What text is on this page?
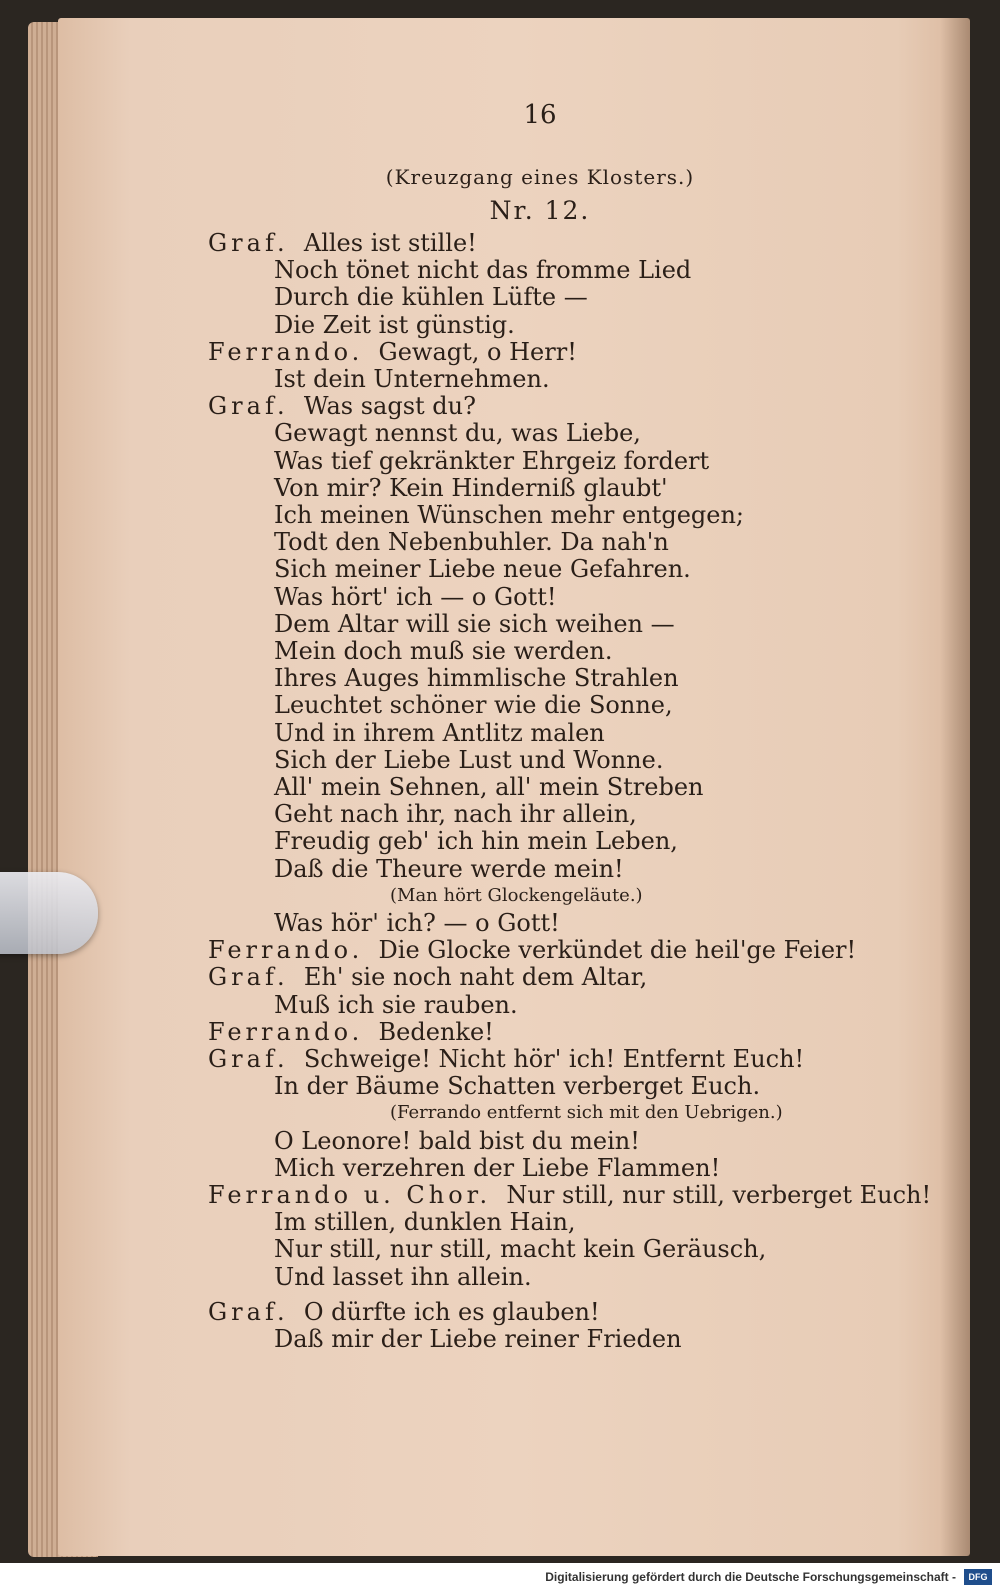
16
(Kreuzgang eines Klosters.)
Nr. 12.
Graf.  Alles ist stille!
Noch tönet nicht das fromme Lied
Durch die kühlen Lüfte —
Die Zeit ist günstig.
Ferrando.  Gewagt, o Herr!
Ist dein Unternehmen.
Graf.  Was sagst du?
Gewagt nennst du, was Liebe,
Was tief gekränkter Ehrgeiz fordert
Von mir? Kein Hinderniß glaubt'
Ich meinen Wünschen mehr entgegen;
Todt den Nebenbuhler. Da nah'n
Sich meiner Liebe neue Gefahren.
Was hört' ich — o Gott!
Dem Altar will sie sich weihen —
Mein doch muß sie werden.
Ihres Auges himmlische Strahlen
Leuchtet schöner wie die Sonne,
Und in ihrem Antlitz malen
Sich der Liebe Lust und Wonne.
All' mein Sehnen, all' mein Streben
Geht nach ihr, nach ihr allein,
Freudig geb' ich hin mein Leben,
Daß die Theure werde mein!
(Man hört Glockengeläute.)
Was hör' ich? — o Gott!
Ferrando.  Die Glocke verkündet die heil'ge Feier!
Graf.  Eh' sie noch naht dem Altar,
Muß ich sie rauben.
Ferrando.  Bedenke!
Graf.  Schweige! Nicht hör' ich! Entfernt Euch!
In der Bäume Schatten verberget Euch.
(Ferrando entfernt sich mit den Uebrigen.)
O Leonore! bald bist du mein!
Mich verzehren der Liebe Flammen!
Ferrando u. Chor.  Nur still, nur still, verberget Euch!
Im stillen, dunklen Hain,
Nur still, nur still, macht kein Geräusch,
Und lasset ihn allein.
Graf.  O dürfte ich es glauben!
Daß mir der Liebe reiner Frieden
Digitalisierung gefördert durch die Deutsche Forschungsgemeinschaft -	DFG
